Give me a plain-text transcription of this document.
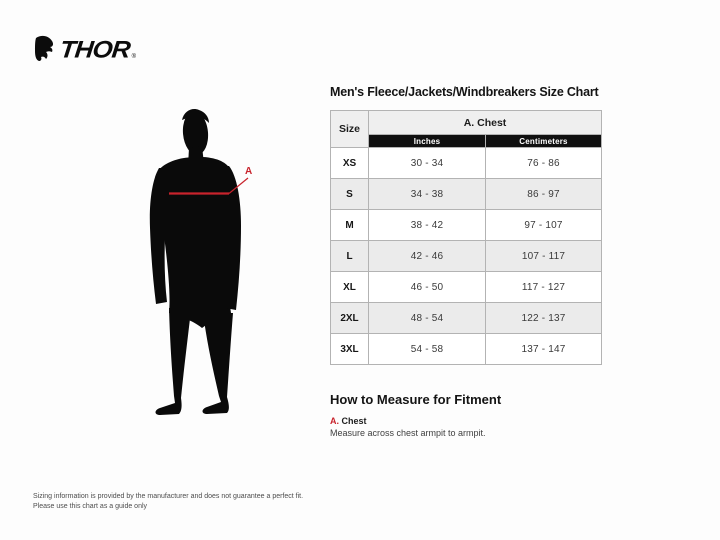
THOR ®
A
Men's Fleece/Jackets/Windbreakers Size Chart
Size	A. Chest	
	Inches	Centimeters
XS	30 - 34	76 - 86
S	34 - 38	86 - 97
M	38 - 42	97 - 107
L	42 - 46	107 - 117
XL	46 - 50	117 - 127
2XL	48 - 54	122 - 137
3XL	54 - 58	137 - 147
How to Measure for Fitment
A. Chest
Measure across chest armpit to armpit.
Sizing information is provided by the manufacturer and does not guarantee a perfect fit.
Please use this chart as a guide only
